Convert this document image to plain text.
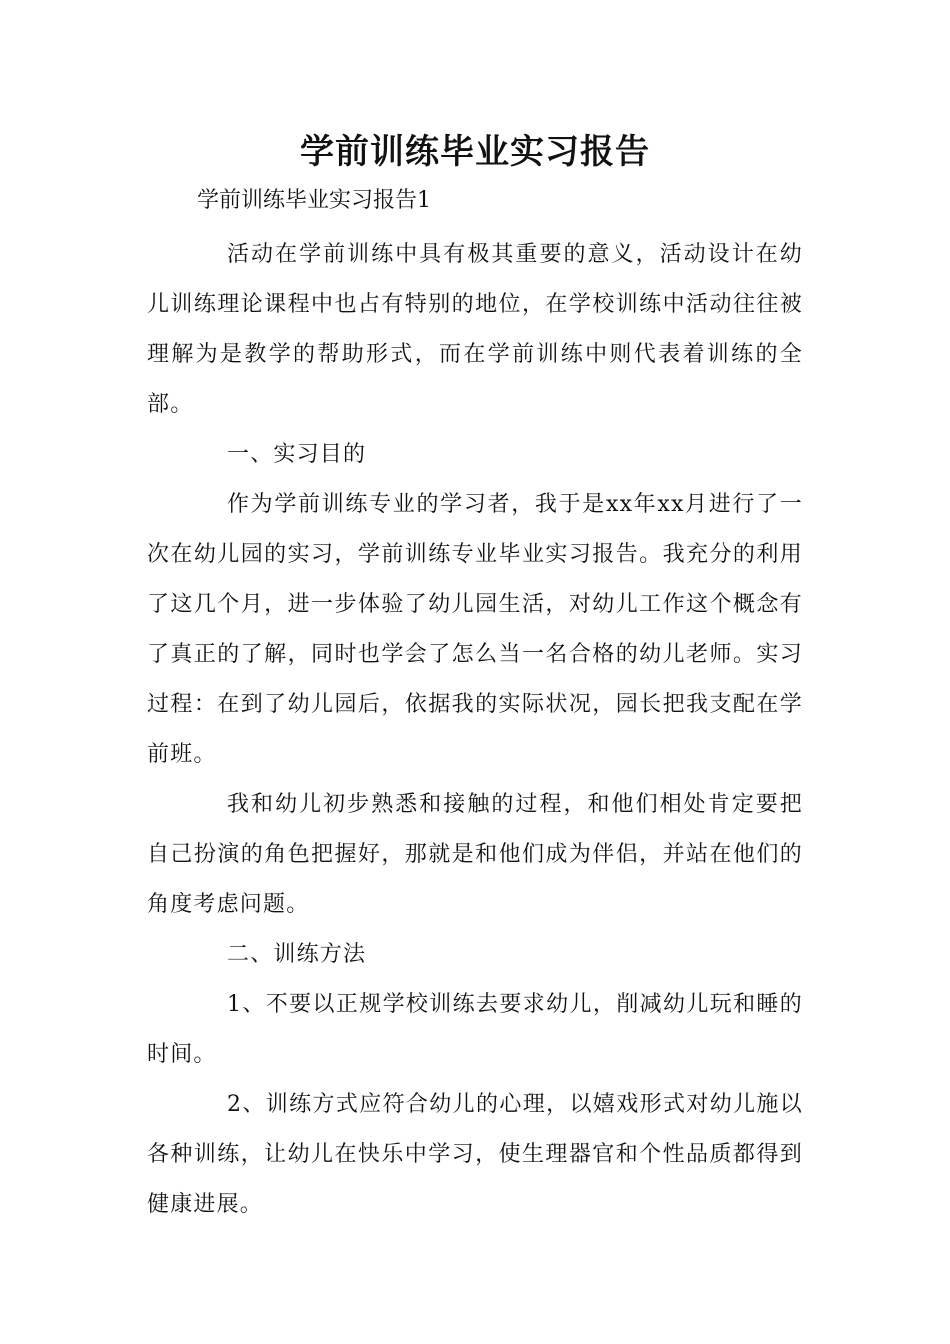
学前训练毕业实习报告

学前训练毕业实习报告1

活动在学前训练中具有极其重要的意义，活动设计在幼儿训练理论课程中也占有特别的地位，在学校训练中活动往往被理解为是教学的帮助形式，而在学前训练中则代表着训练的全部。

一、实习目的

作为学前训练专业的学习者，我于是xx年xx月进行了一次在幼儿园的实习，学前训练专业毕业实习报告。我充分的利用了这几个月，进一步体验了幼儿园生活，对幼儿工作这个概念有了真正的了解，同时也学会了怎么当一名合格的幼儿老师。实习过程：在到了幼儿园后，依据我的实际状况，园长把我支配在学前班。

我和幼儿初步熟悉和接触的过程，和他们相处肯定要把自己扮演的角色把握好，那就是和他们成为伴侣，并站在他们的角度考虑问题。

二、训练方法

1、不要以正规学校训练去要求幼儿，削减幼儿玩和睡的时间。

2、训练方式应符合幼儿的心理，以嬉戏形式对幼儿施以各种训练，让幼儿在快乐中学习，使生理器官和个性品质都得到健康进展。
